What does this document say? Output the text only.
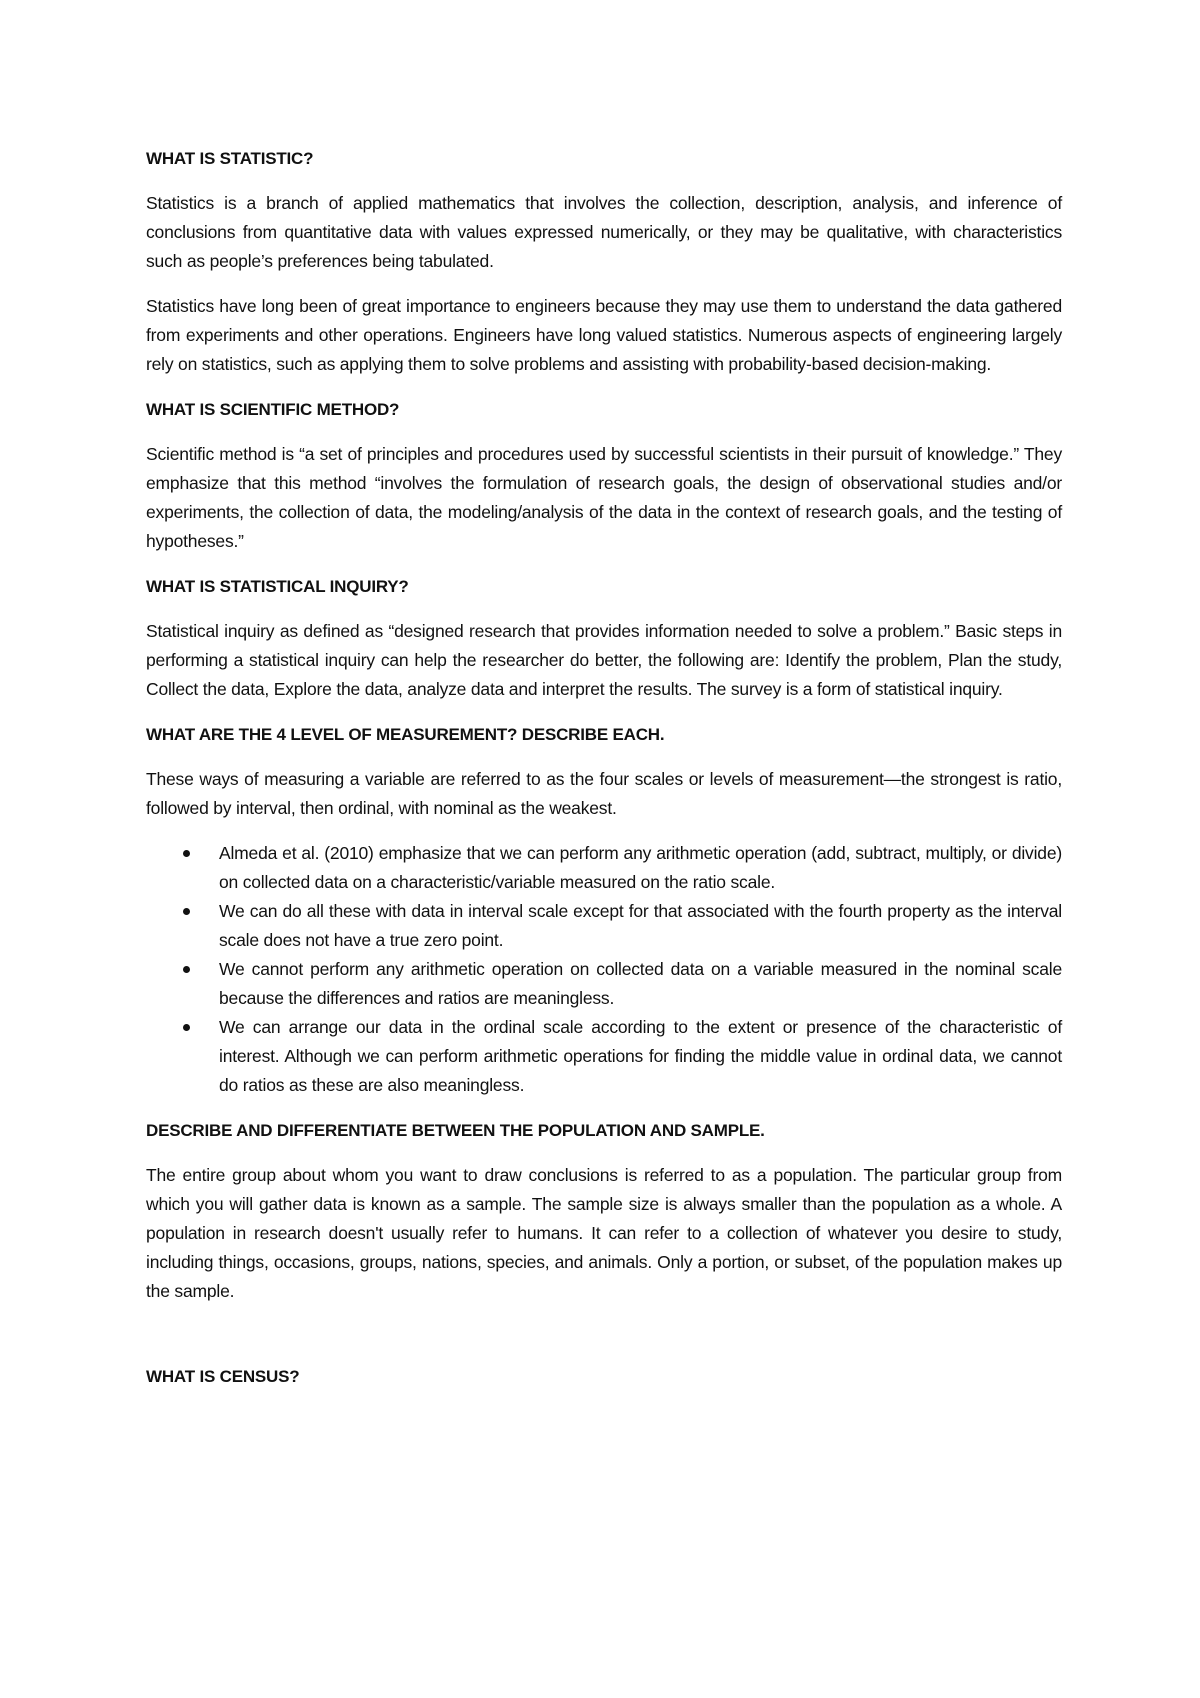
WHAT IS STATISTIC?

Statistics is a branch of applied mathematics that involves the collection, description, analysis, and inference of conclusions from quantitative data with values expressed numerically, or they may be qualitative, with characteristics such as people’s preferences being tabulated.

Statistics have long been of great importance to engineers because they may use them to understand the data gathered from experiments and other operations. Engineers have long valued statistics. Numerous aspects of engineering largely rely on statistics, such as applying them to solve problems and assisting with probability-based decision-making.

WHAT IS SCIENTIFIC METHOD?

Scientific method is “a set of principles and procedures used by successful scientists in their pursuit of knowledge.” They emphasize that this method “involves the formulation of research goals, the design of observational studies and/or experiments, the collection of data, the modeling/analysis of the data in the context of research goals, and the testing of hypotheses.”

WHAT IS STATISTICAL INQUIRY?

Statistical inquiry as defined as “designed research that provides information needed to solve a problem.” Basic steps in performing a statistical inquiry can help the researcher do better, the following are: Identify the problem, Plan the study, Collect the data, Explore the data, analyze data and interpret the results. The survey is a form of statistical inquiry.

WHAT ARE THE 4 LEVEL OF MEASUREMENT? DESCRIBE EACH.

These ways of measuring a variable are referred to as the four scales or levels of measurement—the strongest is ratio, followed by interval, then ordinal, with nominal as the weakest.

Almeda et al. (2010) emphasize that we can perform any arithmetic operation (add, subtract, multiply, or divide) on collected data on a characteristic/variable measured on the ratio scale.
We can do all these with data in interval scale except for that associated with the fourth property as the interval scale does not have a true zero point.
We cannot perform any arithmetic operation on collected data on a variable measured in the nominal scale because the differences and ratios are meaningless.
We can arrange our data in the ordinal scale according to the extent or presence of the characteristic of interest. Although we can perform arithmetic operations for finding the middle value in ordinal data, we cannot do ratios as these are also meaningless.
DESCRIBE AND DIFFERENTIATE BETWEEN THE POPULATION AND SAMPLE.

The entire group about whom you want to draw conclusions is referred to as a population. The particular group from which you will gather data is known as a sample. The sample size is always smaller than the population as a whole. A population in research doesn't usually refer to humans. It can refer to a collection of whatever you desire to study, including things, occasions, groups, nations, species, and animals. Only a portion, or subset, of the population makes up the sample.

WHAT IS CENSUS?
